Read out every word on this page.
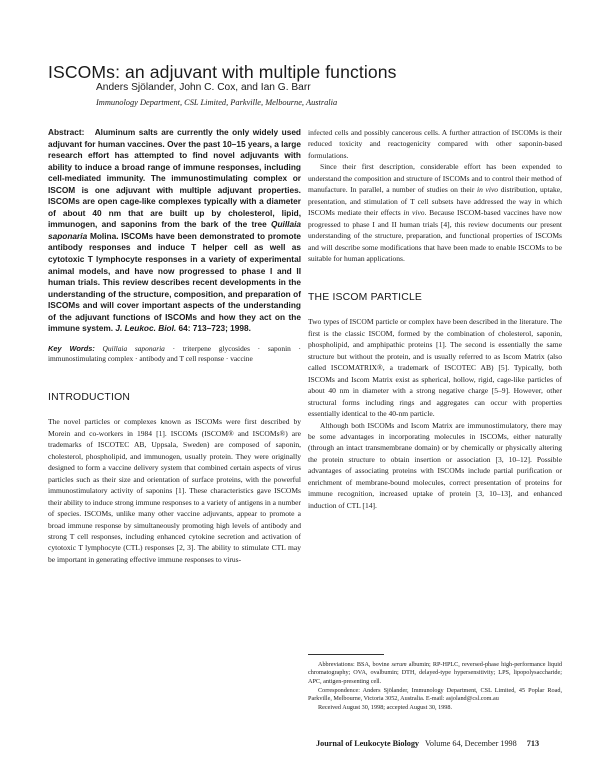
ISCOMs: an adjuvant with multiple functions
Anders Sjölander, John C. Cox, and Ian G. Barr
Immunology Department, CSL Limited, Parkville, Melbourne, Australia

Abstract: Aluminum salts are currently the only widely used adjuvant for human vaccines. Over the past 10–15 years, a large research effort has attempted to find novel adjuvants with ability to induce a broad range of immune responses, including cell-mediated immunity. The immunostimulating complex or ISCOM is one adjuvant with multiple adjuvant properties. ISCOMs are open cage-like complexes typically with a diameter of about 40 nm that are built up by cholesterol, lipid, immunogen, and saponins from the bark of the tree Quillaia saponaria Molina. ISCOMs have been demonstrated to promote antibody responses and induce T helper cell as well as cytotoxic T lymphocyte responses in a variety of experimental animal models, and have now progressed to phase I and II human trials. This review describes recent developments in the understanding of the structure, composition, and preparation of ISCOMs and will cover important aspects of the understanding of the adjuvant functions of ISCOMs and how they act on the immune system. J. Leukoc. Biol. 64: 713–723; 1998.

Key Words: Quillaia saponaria · triterpene glycosides · saponin · immunostimulating complex · antibody and T cell response · vaccine

INTRODUCTION

The novel particles or complexes known as ISCOMs were first described by Morein and co-workers in 1984 [1]. ISCOMs (ISCOM® and ISCOMs®) are trademarks of ISCOTEC AB, Uppsala, Sweden) are composed of saponin, cholesterol, phospholipid, and immunogen, usually protein. They were originally designed to form a vaccine delivery system that combined certain aspects of virus particles such as their size and orientation of surface proteins, with the powerful immunostimulatory activity of saponins [1]. These characteristics gave ISCOMs their ability to induce strong immune responses to a variety of antigens in a number of species. ISCOMs, unlike many other vaccine adjuvants, appear to promote a broad immune response by simultaneously promoting high levels of antibody and strong T cell responses, including enhanced cytokine secretion and activation of cytotoxic T lymphocyte (CTL) responses [2, 3]. The ability to stimulate CTL may be important in generating effective immune responses to virus-

infected cells and possibly cancerous cells. A further attraction of ISCOMs is their reduced toxicity and reactogenicity compared with other saponin-based formulations.

Since their first description, considerable effort has been expended to understand the composition and structure of ISCOMs and to control their method of manufacture. In parallel, a number of studies on their in vivo distribution, uptake, presentation, and stimulation of T cell subsets have addressed the way in which ISCOMs mediate their effects in vivo. Because ISCOM-based vaccines have now progressed to phase I and II human trials [4], this review documents our present understanding of the structure, preparation, and functional properties of ISCOMs and will describe some modifications that have been made to enable ISCOMs to be suitable for human applications.

THE ISCOM PARTICLE

Two types of ISCOM particle or complex have been described in the literature. The first is the classic ISCOM, formed by the combination of cholesterol, saponin, phospholipid, and amphipathic proteins [1]. The second is essentially the same structure but without the protein, and is usually referred to as Iscom Matrix (also called ISCOMATRIX®, a trademark of ISCOTEC AB) [5]. Typically, both ISCOMs and Iscom Matrix exist as spherical, hollow, rigid, cage-like particles of about 40 nm in diameter with a strong negative charge [5–9]. However, other structural forms including rings and aggregates can occur with properties essentially identical to the 40-nm particle.

Although both ISCOMs and Iscom Matrix are immunostimulatory, there may be some advantages in incorporating molecules in ISCOMs, either naturally (through an intact transmembrane domain) or by chemically or physically altering the protein structure to obtain insertion or association [3, 10–12]. Possible advantages of associating proteins with ISCOMs include partial purification or enrichment of membrane-bound molecules, correct presentation of proteins for immune recognition, increased uptake of protein [3, 10–13], and enhanced induction of CTL [14].

Abbreviations: BSA, bovine serum albumin; RP-HPLC, reversed-phase high-performance liquid chromatography; OVA, ovalbumin; DTH, delayed-type hypersensitivity; LPS, lipopolysaccharide; APC, antigen-presenting cell.

Correspondence: Anders Sjölander, Immunology Department, CSL Limited, 45 Poplar Road, Parkville, Melbourne, Victoria 3052, Australia. E-mail: asjoland@csl.com.au

Received August 30, 1998; accepted August 30, 1998.

Journal of Leukocyte Biology Volume 64, December 1998 713
